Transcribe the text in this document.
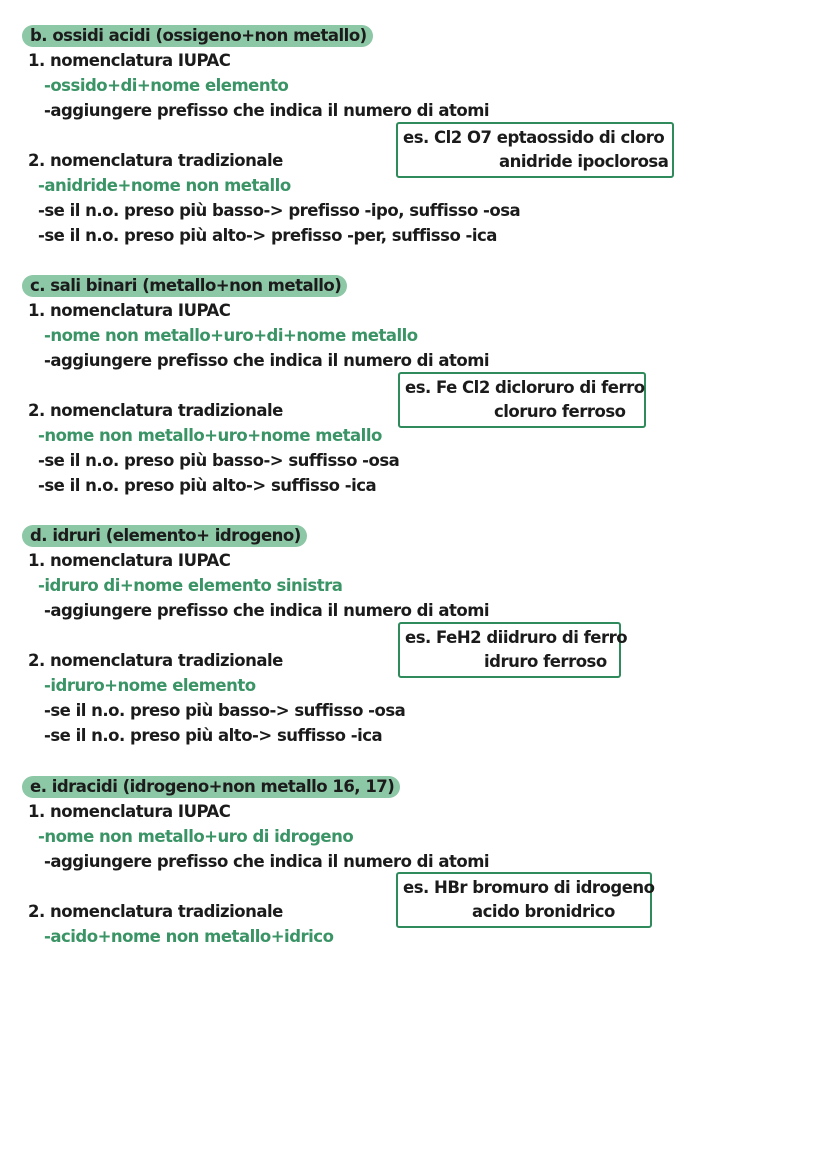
b. ossidi acidi (ossigeno+non metallo)
1. nomenclatura IUPAC
-ossido+di+nome elemento
-aggiungere prefisso che indica il numero di atomi
2. nomenclatura tradizionale
-anidride+nome non metallo
-se il n.o. preso più basso-> prefisso -ipo, suffisso -osa
-se il n.o. preso più alto-> prefisso -per, suffisso -ica
es. Cl2 O7 eptaossido di cloro
anidride ipoclorosa
c. sali binari (metallo+non metallo)
1. nomenclatura IUPAC
-nome non metallo+uro+di+nome metallo
-aggiungere prefisso che indica il numero di atomi
2. nomenclatura tradizionale
-nome non metallo+uro+nome metallo
-se il n.o. preso più basso-> suffisso -osa
-se il n.o. preso più alto-> suffisso -ica
es. Fe Cl2 dicloruro di ferro
cloruro ferroso
d. idruri (elemento+ idrogeno)
1. nomenclatura IUPAC
-idruro di+nome elemento sinistra
-aggiungere prefisso che indica il numero di atomi
2. nomenclatura tradizionale
-idruro+nome elemento
-se il n.o. preso più basso-> suffisso -osa
-se il n.o. preso più alto-> suffisso -ica
es. FeH2 diidruro di ferro
idruro ferroso
e. idracidi (idrogeno+non metallo 16, 17)
1. nomenclatura IUPAC
-nome non metallo+uro di idrogeno
-aggiungere prefisso che indica il numero di atomi
2. nomenclatura tradizionale
-acido+nome non metallo+idrico
es. HBr bromuro di idrogeno
acido bronidrico
